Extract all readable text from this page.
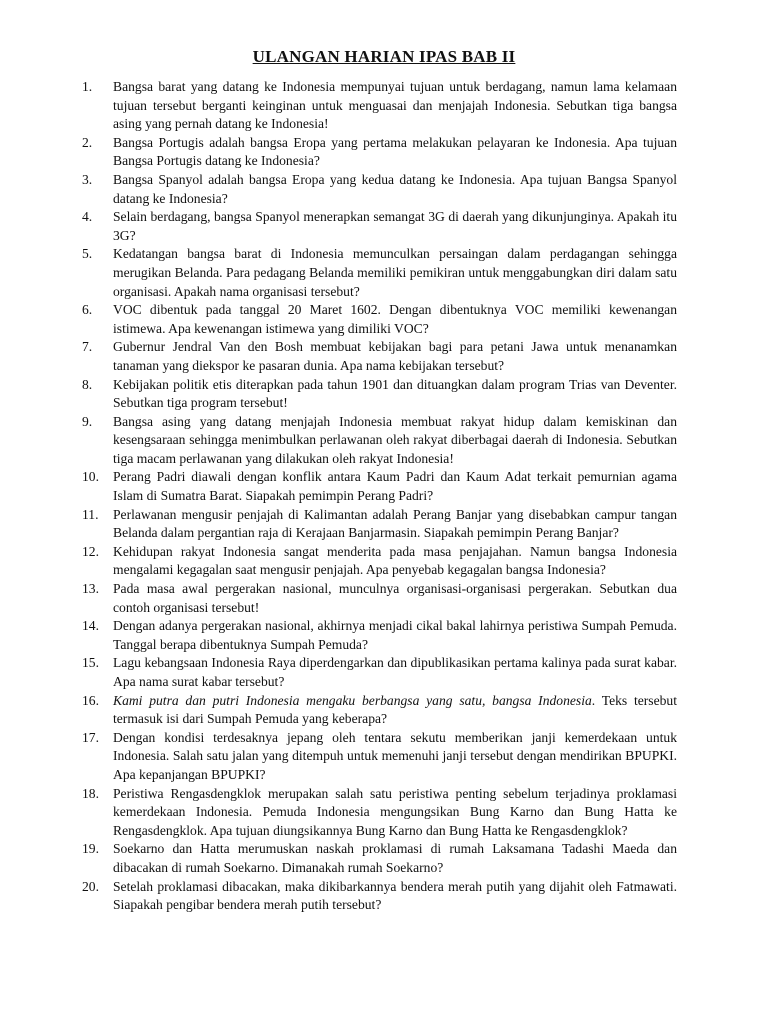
ULANGAN HARIAN IPAS BAB II
1.	Bangsa barat yang datang ke Indonesia mempunyai tujuan untuk berdagang, namun lama kelamaan tujuan tersebut berganti keinginan untuk menguasai dan menjajah Indonesia. Sebutkan tiga bangsa asing yang pernah datang ke Indonesia!
2.	Bangsa Portugis adalah bangsa Eropa yang pertama melakukan pelayaran ke Indonesia. Apa tujuan Bangsa Portugis datang ke Indonesia?
3.	Bangsa Spanyol adalah bangsa Eropa yang kedua datang ke Indonesia. Apa tujuan Bangsa Spanyol datang ke Indonesia?
4.	Selain berdagang, bangsa Spanyol menerapkan semangat 3G di daerah yang dikunjunginya. Apakah itu 3G?
5.	Kedatangan bangsa barat di Indonesia memunculkan persaingan dalam perdagangan sehingga merugikan Belanda. Para pedagang Belanda memiliki pemikiran untuk menggabungkan diri dalam satu organisasi. Apakah nama organisasi tersebut?
6.	VOC dibentuk pada tanggal 20 Maret 1602. Dengan dibentuknya VOC memiliki kewenangan istimewa. Apa kewenangan istimewa yang dimiliki VOC?
7.	Gubernur Jendral Van den Bosh membuat kebijakan bagi para petani Jawa untuk menanamkan tanaman yang diekspor ke pasaran dunia. Apa nama kebijakan tersebut?
8.	Kebijakan politik etis diterapkan pada tahun 1901 dan dituangkan dalam program Trias van Deventer. Sebutkan tiga program tersebut!
9.	Bangsa asing yang datang menjajah Indonesia membuat rakyat hidup dalam kemiskinan dan kesengsaraan sehingga menimbulkan perlawanan oleh rakyat diberbagai daerah di Indonesia. Sebutkan tiga macam perlawanan yang dilakukan oleh rakyat Indonesia!
10.	Perang Padri diawali dengan konflik antara Kaum Padri dan Kaum Adat terkait pemurnian agama Islam di Sumatra Barat. Siapakah pemimpin Perang Padri?
11.	Perlawanan mengusir penjajah di Kalimantan adalah Perang Banjar yang disebabkan campur tangan Belanda dalam pergantian raja di Kerajaan Banjarmasin. Siapakah pemimpin Perang Banjar?
12.	Kehidupan rakyat Indonesia sangat menderita pada masa penjajahan. Namun bangsa Indonesia mengalami kegagalan saat mengusir penjajah. Apa penyebab kegagalan bangsa Indonesia?
13.	Pada masa awal pergerakan nasional, munculnya organisasi-organisasi pergerakan. Sebutkan dua contoh organisasi tersebut!
14.	Dengan adanya pergerakan nasional, akhirnya menjadi cikal bakal lahirnya peristiwa Sumpah Pemuda. Tanggal berapa dibentuknya Sumpah Pemuda?
15.	Lagu kebangsaan Indonesia Raya diperdengarkan dan dipublikasikan pertama kalinya pada surat kabar. Apa nama surat kabar tersebut?
16.	Kami putra dan putri Indonesia mengaku berbangsa yang satu, bangsa Indonesia. Teks tersebut termasuk isi dari Sumpah Pemuda yang keberapa?
17.	Dengan kondisi terdesaknya jepang oleh tentara sekutu memberikan janji kemerdekaan untuk Indonesia. Salah satu jalan yang ditempuh untuk memenuhi janji tersebut dengan mendirikan BPUPKI. Apa kepanjangan BPUPKI?
18.	Peristiwa Rengasdengklok merupakan salah satu peristiwa penting sebelum terjadinya proklamasi kemerdekaan Indonesia. Pemuda Indonesia mengungsikan Bung Karno dan Bung Hatta ke Rengasdengklok. Apa tujuan diungsikannya Bung Karno dan Bung Hatta ke Rengasdengklok?
19.	Soekarno dan Hatta merumuskan naskah proklamasi di rumah Laksamana Tadashi Maeda dan dibacakan di rumah Soekarno. Dimanakah rumah Soekarno?
20.	Setelah proklamasi dibacakan, maka dikibarkannya bendera merah putih yang dijahit oleh Fatmawati. Siapakah pengibar bendera merah putih tersebut?
